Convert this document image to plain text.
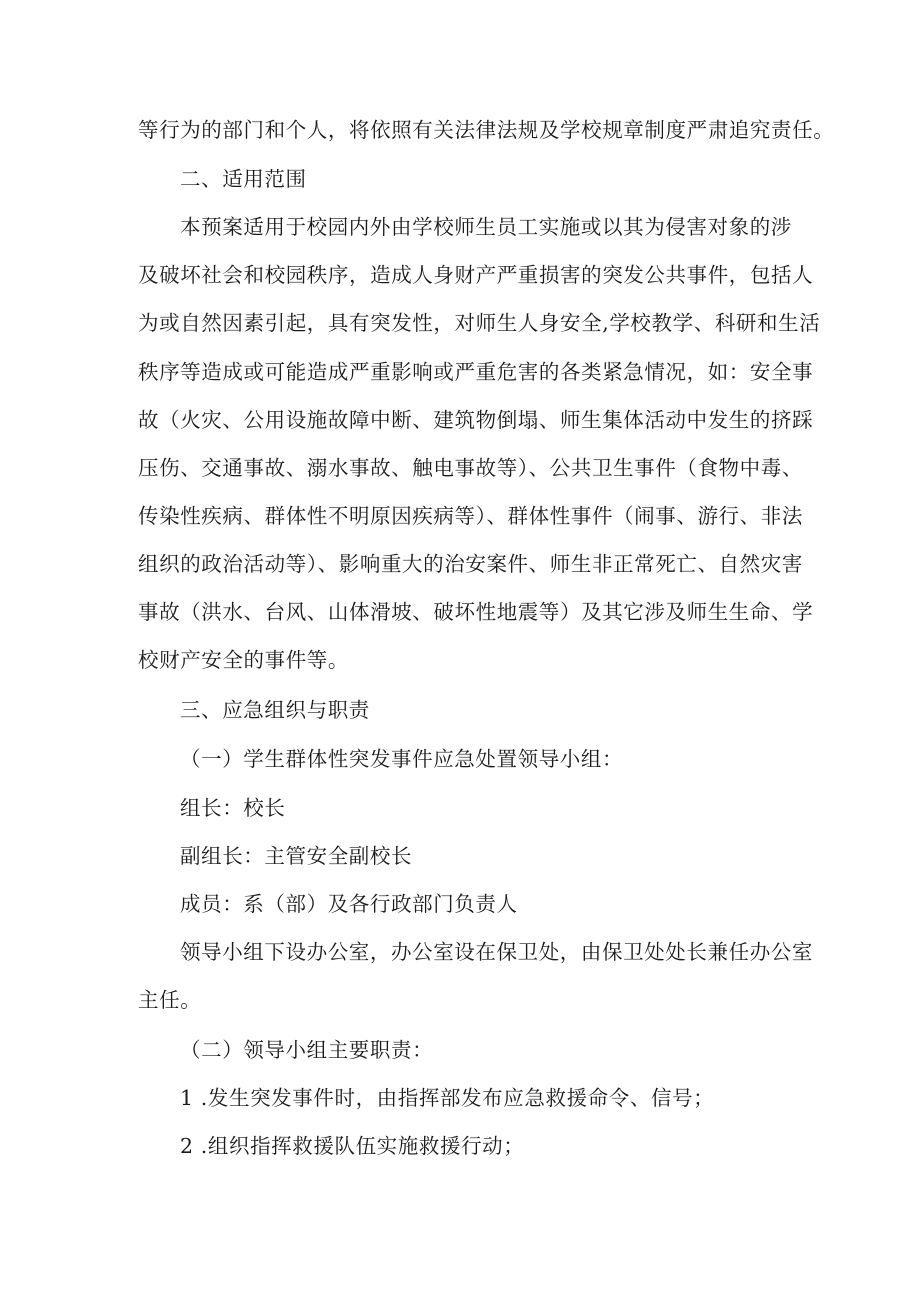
等行为的部门和个人，将依照有关法律法规及学校规章制度严肃追究责任。
二、适用范围
本预案适用于校园内外由学校师生员工实施或以其为侵害对象的涉
及破坏社会和校园秩序，造成人身财产严重损害的突发公共事件，包括人
为或自然因素引起，具有突发性，对师生人身安全,学校教学、科研和生活
秩序等造成或可能造成严重影响或严重危害的各类紧急情况，如：安全事
故（火灾、公用设施故障中断、建筑物倒塌、师生集体活动中发生的挤踩
压伤、交通事故、溺水事故、触电事故等）、公共卫生事件（食物中毒、
传染性疾病、群体性不明原因疾病等）、群体性事件（闹事、游行、非法
组织的政治活动等）、影响重大的治安案件、师生非正常死亡、自然灾害
事故（洪水、台风、山体滑坡、破坏性地震等）及其它涉及师生生命、学
校财产安全的事件等。
三、应急组织与职责
（一）学生群体性突发事件应急处置领导小组：
组长：校长
副组长：主管安全副校长
成员：系（部）及各行政部门负责人
领导小组下设办公室，办公室设在保卫处，由保卫处处长兼任办公室
主任。
（二）领导小组主要职责：
1 .发生突发事件时，由指挥部发布应急救援命令、信号；
2 .组织指挥救援队伍实施救援行动；
